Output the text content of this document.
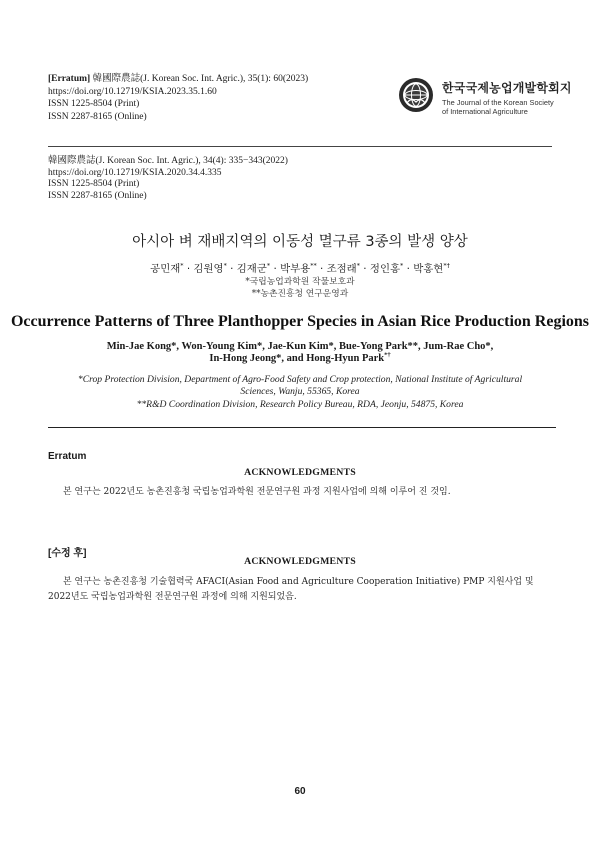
[Erratum] 韓國際農誌(J. Korean Soc. Int. Agric.), 35(1): 60(2023)
https://doi.org/10.12719/KSIA.2023.35.1.60
ISSN 1225-8504 (Print)
ISSN 2287-8165 (Online)
한국국제농업개발학회지
The Journal of the Korean Society
of International Agriculture
韓國際農誌(J. Korean Soc. Int. Agric.), 34(4): 335−343(2022)
https://doi.org/10.12719/KSIA.2020.34.4.335
ISSN 1225-8504 (Print)
ISSN 2287-8165 (Online)
아시아 벼 재배지역의 이동성 멸구류 3종의 발생 양상
공민재* · 김원영* · 김재군* · 박부용** · 조점래* · 정인홍* · 박홍현*†
*국립농업과학원 작물보호과
**농촌진흥청 연구운영과
Occurrence Patterns of Three Planthopper Species in Asian Rice Production Regions
Min-Jae Kong*, Won-Young Kim*, Jae-Kun Kim*, Bue-Yong Park**, Jum-Rae Cho*,
In-Hong Jeong*, and Hong-Hyun Park*†
*Crop Protection Division, Department of Agro-Food Safety and Crop protection, National Institute of Agricultural Sciences, Wanju, 55365, Korea
**R&D Coordination Division, Research Policy Bureau, RDA, Jeonju, 54875, Korea
Erratum
ACKNOWLEDGMENTS
본 연구는 2022년도 농촌진흥청 국립농업과학원 전문연구원 과정 지원사업에 의해 이루어 진 것임.
[수정 후]
ACKNOWLEDGMENTS
본 연구는 농촌진흥청 기술협력국 AFACI(Asian Food and Agriculture Cooperation Initiative) PMP 지원사업 및 2022년도 국립농업과학원 전문연구원 과정에 의해 지원되었음.
60
